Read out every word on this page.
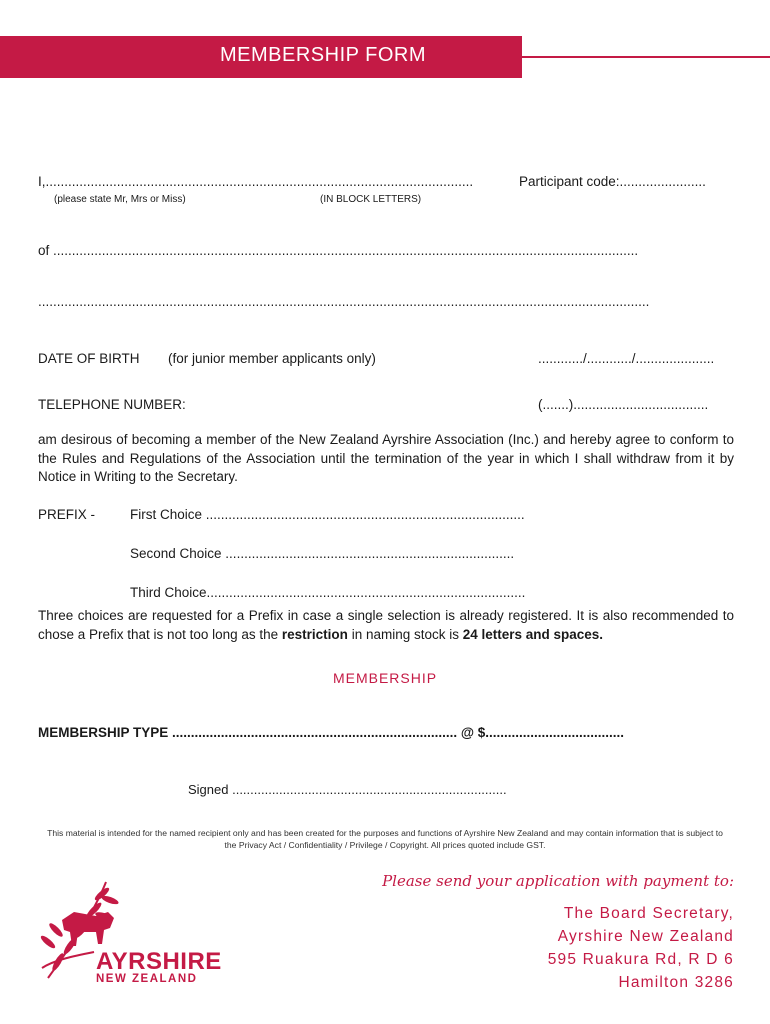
MEMBERSHIP FORM
I,..................................................................................................................	Participant code:.......................
(please state Mr, Mrs or Miss)	(IN BLOCK LETTERS)
of ............................................................................................................................................................
...................................................................................................................................................................
DATE OF BIRTH (for junior member applicants only)	............/............/.....................
TELEPHONE NUMBER:	(.......)....................................
am desirous of becoming a member of the New Zealand Ayrshire Association (Inc.) and hereby agree to conform to the Rules and Regulations of the Association until the termination of the year in which I shall withdraw from it by Notice in Writing to the Secretary.
PREFIX -	First Choice .....................................................................................
Second Choice .............................................................................
Third Choice.....................................................................................
Three choices are requested for a Prefix in case a single selection is already registered. It is also recommended to chose a Prefix that is not too long as the restriction in naming stock is 24 letters and spaces.
MEMBERSHIP
MEMBERSHIP TYPE ............................................................................ @ $.....................................
Signed ............................................................................
This material is intended for the named recipient only and has been created for the purposes and functions of Ayrshire New Zealand and may contain information that is subject to the Privacy Act / Confidentiality / Privilege / Copyright. All prices quoted include GST.
AYRSHIRE
NEW ZEALAND
Please send your application with payment to:
The Board Secretary,
Ayrshire New Zealand
595 Ruakura Rd, R D 6
Hamilton 3286
